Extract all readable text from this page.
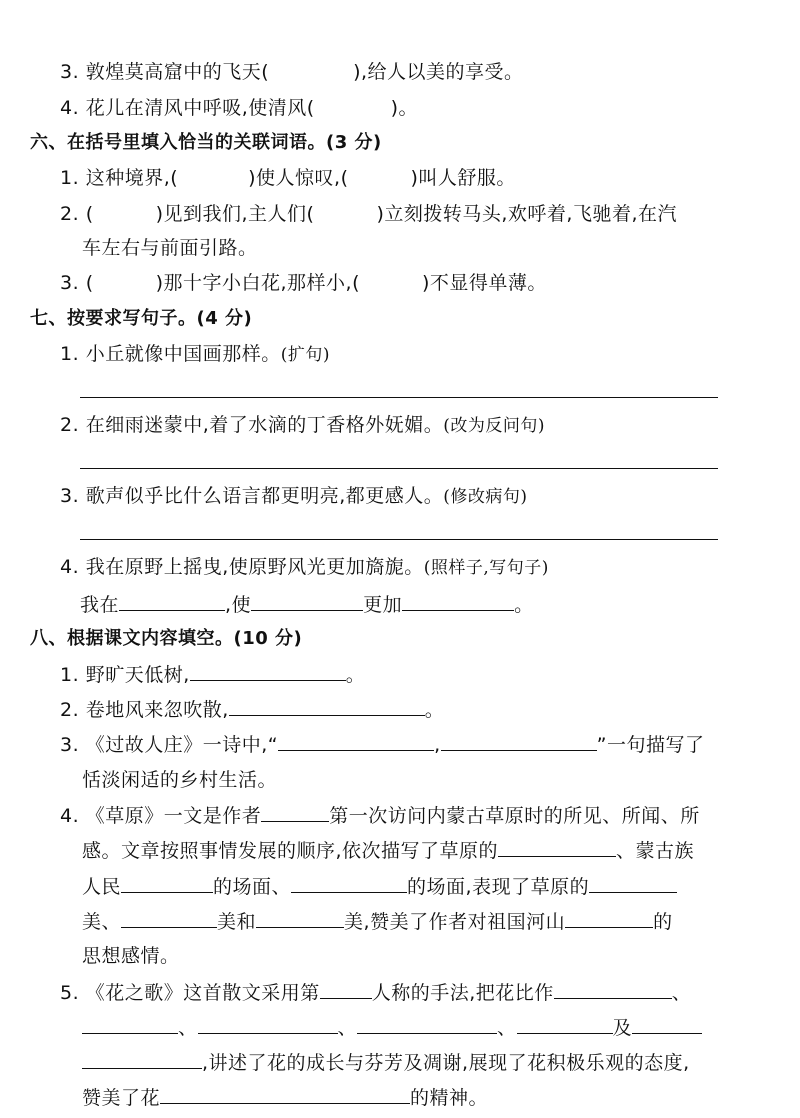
3. 敦煌莫高窟中的飞天(	),给人以美的享受。
4. 花儿在清风中呼吸,使清风(	)。
六、在括号里填入恰当的关联词语。(3 分)
1. 这种境界,(	)使人惊叹,(	)叫人舒服。
2. (	)见到我们,主人们(	)立刻拨转马头,欢呼着,飞驰着,在汽
车左右与前面引路。
3. (	)那十字小白花,那样小,(	)不显得单薄。
七、按要求写句子。(4 分)
1. 小丘就像中国画那样。(扩句)
2. 在细雨迷蒙中,着了水滴的丁香格外妩媚。(改为反问句)
3. 歌声似乎比什么语言都更明亮,都更感人。(修改病句)
4. 我在原野上摇曳,使原野风光更加旖旎。(照样子,写句子)
我在	,使	更加	。
八、根据课文内容填空。(10 分)
1. 野旷天低树,	。
2. 卷地风来忽吹散,	。
3. 《过故人庄》一诗中,“	,	”一句描写了
恬淡闲适的乡村生活。
4. 《草原》一文是作者	第一次访问内蒙古草原时的所见、所闻、所
感。文章按照事情发展的顺序,依次描写了草原的	、蒙古族
人民	的场面、	的场面,表现了草原的
美、	美和	美,赞美了作者对祖国河山	的
思想感情。
5. 《花之歌》这首散文采用第	人称的手法,把花比作	、
、	、	、	及
,讲述了花的成长与芬芳及凋谢,展现了花积极乐观的态度,
赞美了花	的精神。
